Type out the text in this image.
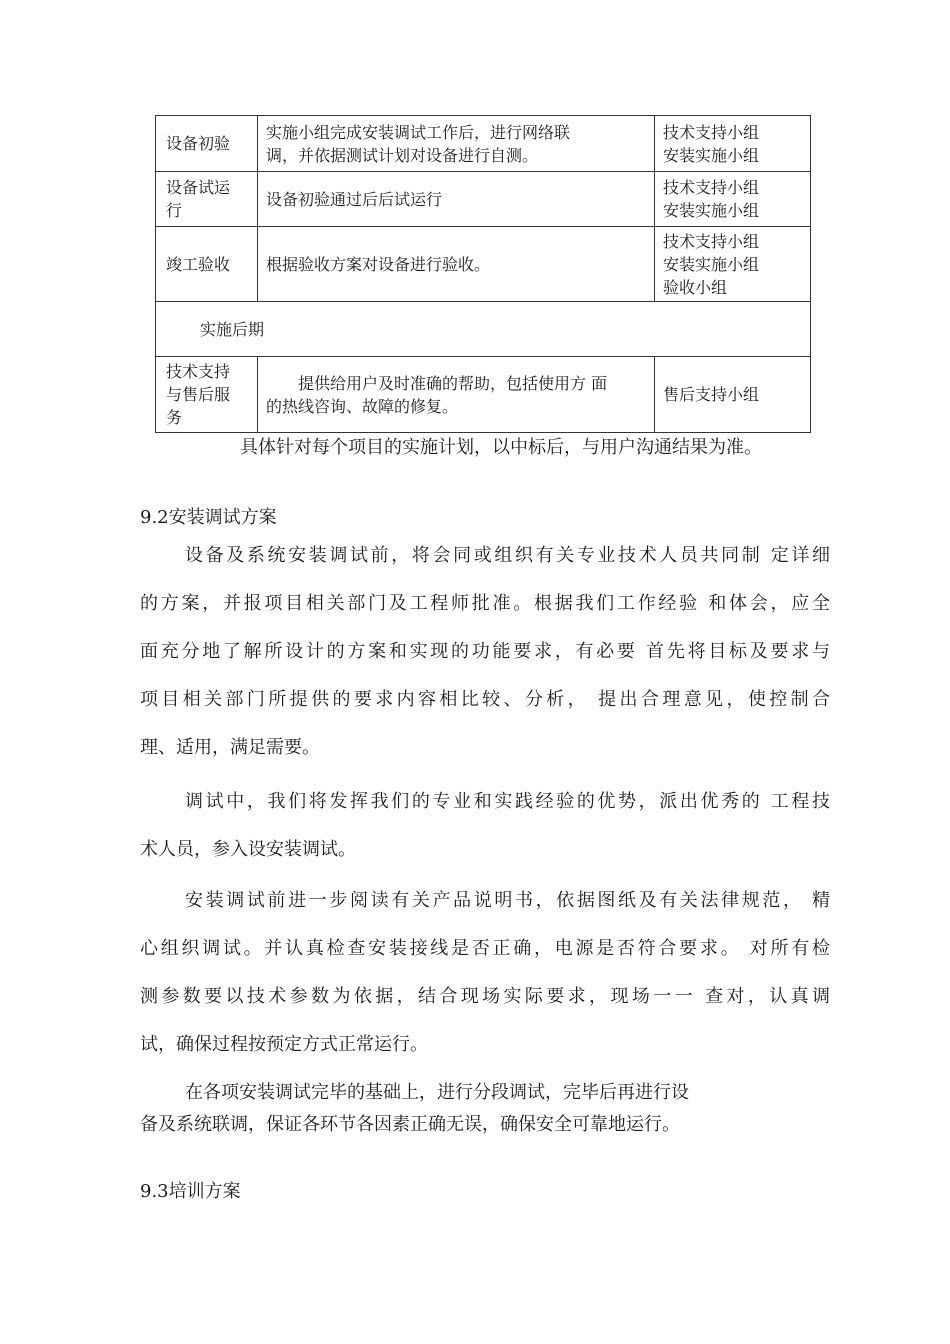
设备初验	实施小组完成安装调试工作后，进行网络联
调，并依据测试计划对设备进行自测。	技术支持小组
安装实施小组

设备试运
行	设备初验通过后后试运行	技术支持小组
安装实施小组

竣工验收	根据验收方案对设备进行验收。	技术支持小组
安装实施小组
验收小组

实施后期		

技术支持
与售后服
务	提供给用户及时准确的帮助，包括使用方 面
的热线咨询、故障的修复。	售后支持小组
具体针对每个项目的实施计划，以中标后，与用户沟通结果为准。
9.2安装调试方案

设备及系统安装调试前，将会同或组织有关专业技术人员共同制 定详细
的方案，并报项目相关部门及工程师批准。根据我们工作经验 和体会，应全
面充分地了解所设计的方案和实现的功能要求，有必要 首先将目标及要求与
项目相关部门所提供的要求内容相比较、分析， 提出合理意见，使控制合
理、适用，满足需要。

调试中，我们将发挥我们的专业和实践经验的优势，派出优秀的 工程技
术人员，参入设安装调试。

安装调试前进一步阅读有关产品说明书，依据图纸及有关法律规范， 精
心组织调试。并认真检查安装接线是否正确，电源是否符合要求。 对所有检
测参数要以技术参数为依据，结合现场实际要求，现场一一 查对，认真调
试，确保过程按预定方式正常运行。

在各项安装调试完毕的基础上，进行分段调试，完毕后再进行设
备及系统联调，保证各环节各因素正确无误，确保安全可靠地运行。

9.3培训方案
